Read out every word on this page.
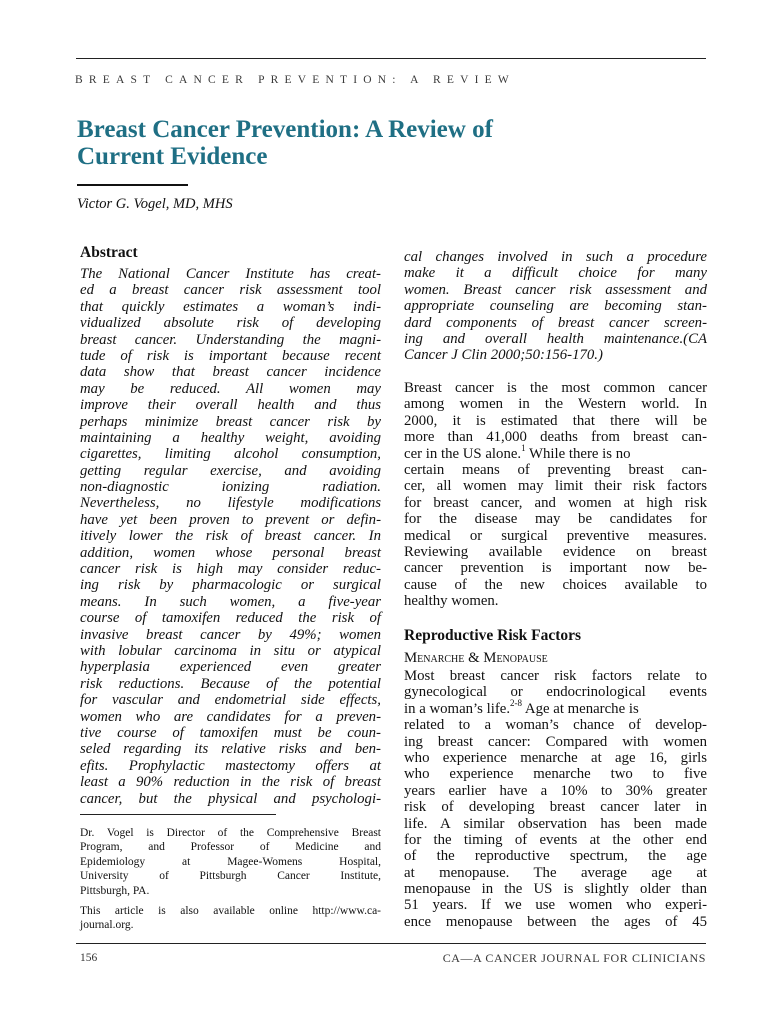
BREAST CANCER PREVENTION: A REVIEW
Breast Cancer Prevention: A Review of
Current Evidence
Victor G. Vogel, MD, MHS
Abstract
The National Cancer Institute has creat-
ed a breast cancer risk assessment tool
that quickly estimates a woman’s indi-
vidualized absolute risk of developing
breast cancer. Understanding the magni-
tude of risk is important because recent
data show that breast cancer incidence
may be reduced. All women may
improve their overall health and thus
perhaps minimize breast cancer risk by
maintaining a healthy weight, avoiding
cigarettes, limiting alcohol consumption,
getting regular exercise, and avoiding
non-diagnostic ionizing radiation.
Nevertheless, no lifestyle modifications
have yet been proven to prevent or defin-
itively lower the risk of breast cancer. In
addition, women whose personal breast
cancer risk is high may consider reduc-
ing risk by pharmacologic or surgical
means. In such women, a five-year
course of tamoxifen reduced the risk of
invasive breast cancer by 49%; women
with lobular carcinoma in situ or atypical
hyperplasia experienced even greater
risk reductions. Because of the potential
for vascular and endometrial side effects,
women who are candidates for a preven-
tive course of tamoxifen must be coun-
seled regarding its relative risks and ben-
efits. Prophylactic mastectomy offers at
least a 90% reduction in the risk of breast
cancer, but the physical and psychologi-
cal changes involved in such a procedure
make it a difficult choice for many
women. Breast cancer risk assessment and
appropriate counseling are becoming stan-
dard components of breast cancer screen-
ing and overall health maintenance.(CA
Cancer J Clin 2000;50:156-170.)
Breast cancer is the most common cancer
among women in the Western world. In
2000, it is estimated that there will be
more than 41,000 deaths from breast can-
cer in the US alone.$^1$ While there is no
certain means of preventing breast can-
cer, all women may limit their risk factors
for breast cancer, and women at high risk
for the disease may be candidates for
medical or surgical preventive measures.
Reviewing available evidence on breast
cancer prevention is important now be-
cause of the new choices available to
healthy women.
Reproductive Risk Factors
Menarche & Menopause
Most breast cancer risk factors relate to
gynecological or endocrinological events
in a woman’s life.$^{2-8}$ Age at menarche is
related to a woman’s chance of develop-
ing breast cancer: Compared with women
who experience menarche at age 16, girls
who experience menarche two to five
years earlier have a 10% to 30% greater
risk of developing breast cancer later in
life. A similar observation has been made
for the timing of events at the other end
of the reproductive spectrum, the age
at menopause. The average age at
menopause in the US is slightly older than
51 years. If we use women who experi-
ence menopause between the ages of 45
Dr. Vogel is Director of the Comprehensive Breast
Program, and Professor of Medicine and
Epidemiology at Magee-Womens Hospital,
University of Pittsburgh Cancer Institute,
Pittsburgh, PA.
This article is also available online http://www.ca-
journal.org.
156	CA—A CANCER JOURNAL FOR CLINICIANS
